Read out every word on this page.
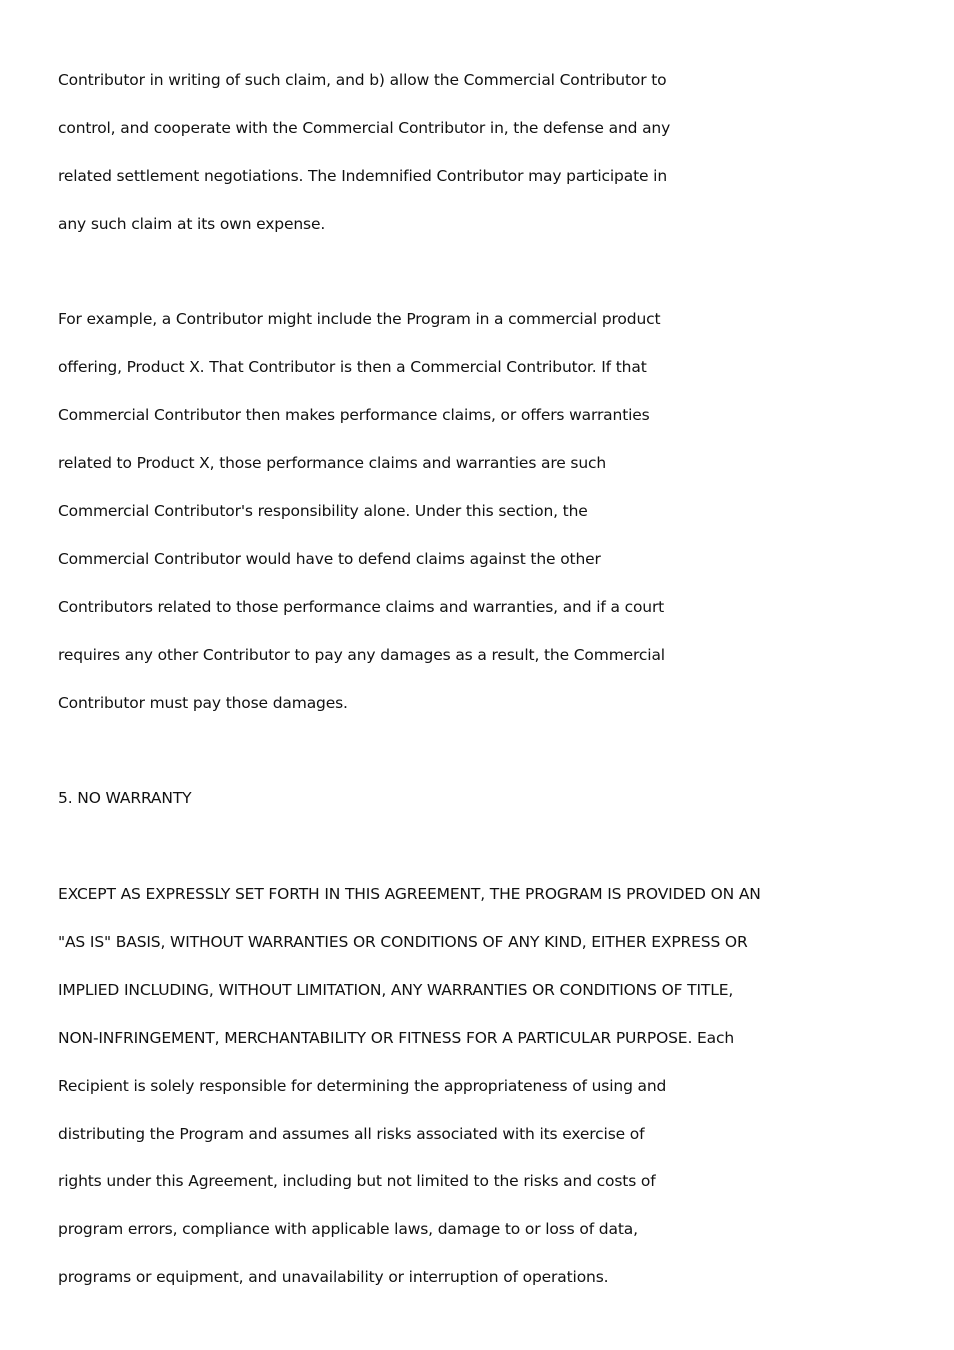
Contributor in writing of such claim, and b) allow the Commercial Contributor to
control, and cooperate with the Commercial Contributor in, the defense and any
related settlement negotiations. The Indemnified Contributor may participate in
any such claim at its own expense.
For example, a Contributor might include the Program in a commercial product
offering, Product X. That Contributor is then a Commercial Contributor. If that
Commercial Contributor then makes performance claims, or offers warranties
related to Product X, those performance claims and warranties are such
Commercial Contributor's responsibility alone. Under this section, the
Commercial Contributor would have to defend claims against the other
Contributors related to those performance claims and warranties, and if a court
requires any other Contributor to pay any damages as a result, the Commercial
Contributor must pay those damages.
5. NO WARRANTY
EXCEPT AS EXPRESSLY SET FORTH IN THIS AGREEMENT, THE PROGRAM IS PROVIDED ON AN
"AS IS" BASIS, WITHOUT WARRANTIES OR CONDITIONS OF ANY KIND, EITHER EXPRESS OR
IMPLIED INCLUDING, WITHOUT LIMITATION, ANY WARRANTIES OR CONDITIONS OF TITLE,
NON-INFRINGEMENT, MERCHANTABILITY OR FITNESS FOR A PARTICULAR PURPOSE. Each
Recipient is solely responsible for determining the appropriateness of using and
distributing the Program and assumes all risks associated with its exercise of
rights under this Agreement, including but not limited to the risks and costs of
program errors, compliance with applicable laws, damage to or loss of data,
programs or equipment, and unavailability or interruption of operations.
